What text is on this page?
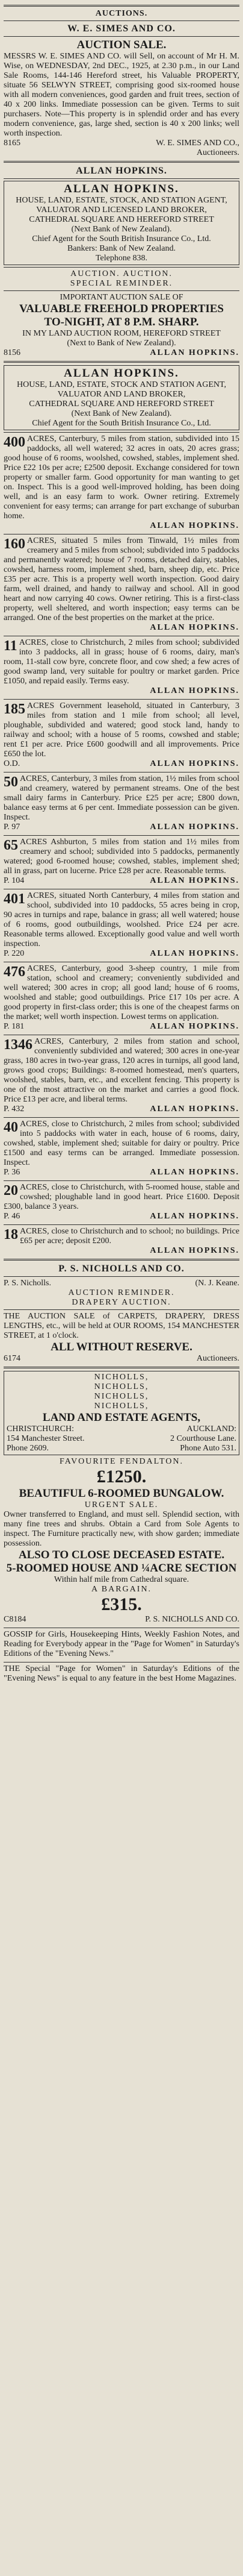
AUCTIONS.
W. E. SIMES AND CO.
AUCTION SALE.

MESSRS W. E. SIMES AND CO. will Sell, on account of Mr H. M. Wise, on WEDNESDAY, 2nd DEC., 1925, at 2.30 p.m., in our Land Sale Rooms, 144-146 Hereford street, his Valuable PROPERTY, situate 56 SELWYN STREET, comprising good six-roomed house with all modern conveniences, good garden and fruit trees, section of 40 x 200 links. Immediate possession can be given. Terms to suit purchasers. Note—This property is in splendid order and has every modern convenience, gas, large shed, section is 40 x 200 links; well worth inspection.

8165	W. E. SIMES AND CO., Auctioneers.
ALLAN HOPKINS.
ALLAN HOPKINS.
HOUSE, LAND, ESTATE, STOCK, AND STATION AGENT,
VALUATOR AND LICENSED LAND BROKER,
CATHEDRAL SQUARE AND HEREFORD STREET
(Next Bank of New Zealand).
Chief Agent for the South British Insurance Co., Ltd.
Bankers: Bank of New Zealand.
Telephone 838.
AUCTION. AUCTION.
SPECIAL REMINDER.
IMPORTANT AUCTION SALE OF
VALUABLE FREEHOLD PROPERTIES
TO-NIGHT, AT 8 P.M. SHARP.
IN MY LAND AUCTION ROOM, HEREFORD STREET
(Next to Bank of New Zealand).
8156	ALLAN HOPKINS.
ALLAN HOPKINS.
HOUSE, LAND, ESTATE, STOCK AND STATION AGENT,
VALUATOR AND LAND BROKER,
CATHEDRAL SQUARE AND HEREFORD STREET
(Next Bank of New Zealand).
Chief Agent for the South British Insurance Co., Ltd.
400 ACRES, Canterbury, 5 miles from station, subdivided into 15 paddocks, all well watered; 32 acres in oats, 20 acres grass; good house of 6 rooms, woolshed, cowshed, stables, implement shed. Price £22 10s per acre; £2500 deposit. Exchange considered for town property or smaller farm. Good opportunity for man wanting to get on. Inspect. This is a good well-improved holding, has been doing well, and is an easy farm to work. Owner retiring. Extremely convenient for easy terms; can arrange for part exchange of suburban home.

ALLAN HOPKINS.
160 ACRES, situated 5 miles from Tinwald, 1½ miles from creamery and 5 miles from school; subdivided into 5 paddocks and permanently watered; house of 7 rooms, detached dairy, stables, cowshed, harness room, implement shed, barn, sheep dip, etc. Price £35 per acre. This is a property well worth inspection. Good dairy farm, well drained, and handy to railway and school. All in good heart and now carrying 40 cows. Owner retiring. This is a first-class property, well sheltered, and worth inspection; easy terms can be arranged. One of the best properties on the market at the price.

ALLAN HOPKINS.
11 ACRES, close to Christchurch, 2 miles from school; subdivided into 3 paddocks, all in grass; house of 6 rooms, dairy, man's room, 11-stall cow byre, concrete floor, and cow shed; a few acres of good swamp land, very suitable for poultry or market garden. Price £1050, and repaid easily. Terms easy.

ALLAN HOPKINS.
185 ACRES Government leasehold, situated in Canterbury, 3 miles from station and 1 mile from school; all level, ploughable, subdivided and watered; good stock land, handy to railway and school; with a house of 5 rooms, cowshed and stable; rent £1 per acre. Price £600 goodwill and all improvements. Price £650 the lot.

O.D.	ALLAN HOPKINS.
50 ACRES, Canterbury, 3 miles from station, 1½ miles from school and creamery, watered by permanent streams. One of the best small dairy farms in Canterbury. Price £25 per acre; £800 down, balance easy terms at 6 per cent. Immediate possession can be given. Inspect.

P. 97	ALLAN HOPKINS.
65 ACRES Ashburton, 5 miles from station and 1½ miles from creamery and school; subdivided into 5 paddocks, permanently watered; good 6-roomed house; cowshed, stables, implement shed; all in grass, part on lucerne. Price £28 per acre. Reasonable terms.

P. 104	ALLAN HOPKINS.
401 ACRES, situated North Canterbury, 4 miles from station and school, subdivided into 10 paddocks, 55 acres being in crop, 90 acres in turnips and rape, balance in grass; all well watered; house of 6 rooms, good outbuildings, woolshed. Price £24 per acre. Reasonable terms allowed. Exceptionally good value and well worth inspection.

P. 220	ALLAN HOPKINS.
476 ACRES, Canterbury, good 3-sheep country, 1 mile from station, school and creamery; conveniently subdivided and well watered; 300 acres in crop; all good land; house of 6 rooms, woolshed and stable; good outbuildings. Price £17 10s per acre. A good property in first-class order; this is one of the cheapest farms on the market; well worth inspection. Lowest terms on application.

P. 181	ALLAN HOPKINS.
1346 ACRES, Canterbury, 2 miles from station and school, conveniently subdivided and watered; 300 acres in one-year grass, 180 acres in two-year grass, 120 acres in turnips, all good land, grows good crops; Buildings: 8-roomed homestead, men's quarters, woolshed, stables, barn, etc., and excellent fencing. This property is one of the most attractive on the market and carries a good flock. Price £13 per acre, and liberal terms.

P. 432	ALLAN HOPKINS.
40 ACRES, close to Christchurch, 2 miles from school; subdivided into 5 paddocks with water in each, house of 6 rooms, dairy, cowshed, stable, implement shed; suitable for dairy or poultry. Price £1500 and easy terms can be arranged. Immediate possession. Inspect.

P. 36	ALLAN HOPKINS.
20 ACRES, close to Christchurch, with 5-roomed house, stable and cowshed; ploughable land in good heart. Price £1600. Deposit £300, balance 3 years.

P. 46	ALLAN HOPKINS.
18 ACRES, close to Christchurch and to school; no buildings. Price £65 per acre; deposit £200.

ALLAN HOPKINS.
P. S. NICHOLLS AND CO.
P. S. Nicholls.	(N. J. Keane.
AUCTION REMINDER.
DRAPERY AUCTION.

THE AUCTION SALE of CARPETS, DRAPERY, DRESS LENGTHS, etc., will be held at OUR ROOMS, 154 MANCHESTER STREET, at 1 o'clock.

ALL WITHOUT RESERVE.
6174	Auctioneers.
NICHOLLS,
NICHOLLS,
NICHOLLS,
NICHOLLS,
LAND AND ESTATE AGENTS,
CHRISTCHURCH:
154 Manchester Street.
Phone 2609.
AUCKLAND:
2 Courthouse Lane.
Phone Auto 531.
FAVOURITE FENDALTON.
£1250.
BEAUTIFUL 6-ROOMED BUNGALOW.
URGENT SALE.

Owner transferred to England, and must sell. Splendid section, with many fine trees and shrubs. Obtain a Card from Sole Agents to inspect. The Furniture practically new, with show garden; immediate possession.

ALSO TO CLOSE DECEASED ESTATE.
5-ROOMED HOUSE AND ¼ACRE SECTION
Within half mile from Cathedral square.
A BARGAIN.
£315.
C8184	P. S. NICHOLLS AND CO.

GOSSIP for Girls, Housekeeping Hints, Weekly Fashion Notes, and Reading for Everybody appear in the "Page for Women" in Saturday's Editions of the "Evening News."

THE Special "Page for Women" in Saturday's Editions of the "Evening News" is equal to any feature in the best Home Magazines.
